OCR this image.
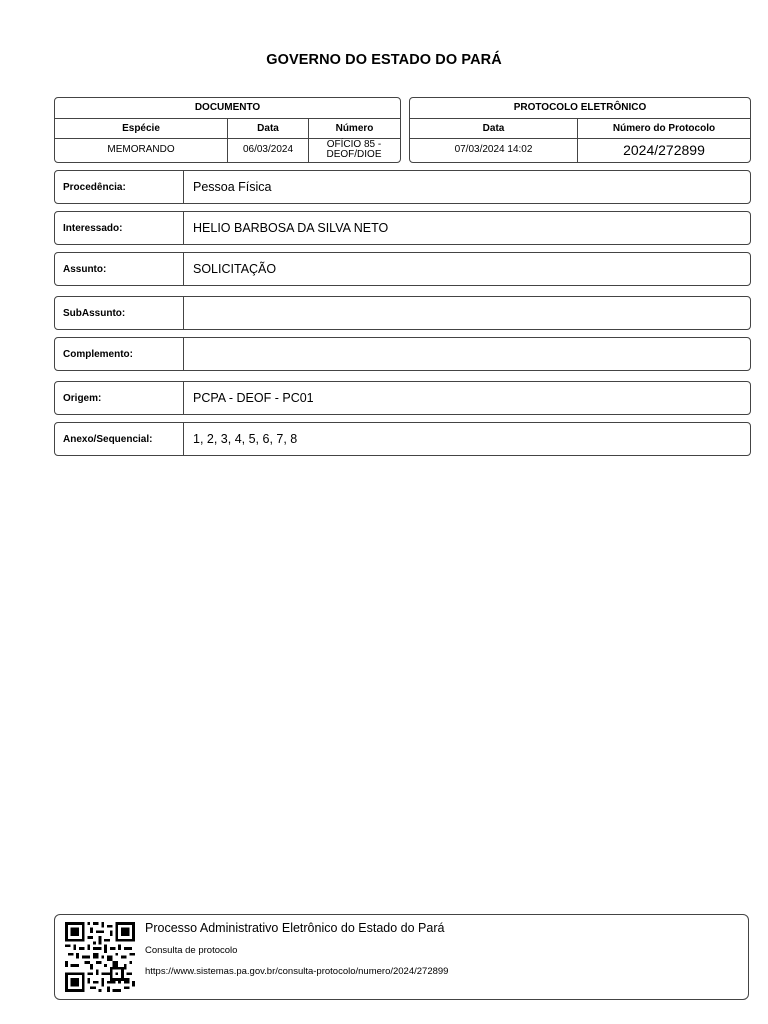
GOVERNO DO ESTADO DO PARÁ
DOCUMENTO
Espécie	Data	Número
MEMORANDO	06/03/2024	OFÍCIO 85 - DEOF/DIOE
PROTOCOLO ELETRÔNICO
Data	Número do Protocolo
07/03/2024 14:02	2024/272899
Procedência:	Pessoa Física
Interessado:	HELIO BARBOSA DA SILVA NETO
Assunto:	SOLICITAÇÃO
SubAssunto:
Complemento:
Origem:	PCPA - DEOF - PC01
Anexo/Sequencial:	1, 2, 3, 4, 5, 6, 7, 8
Processo Administrativo Eletrônico do Estado do Pará
Consulta de protocolo
https://www.sistemas.pa.gov.br/consulta-protocolo/numero/2024/272899
